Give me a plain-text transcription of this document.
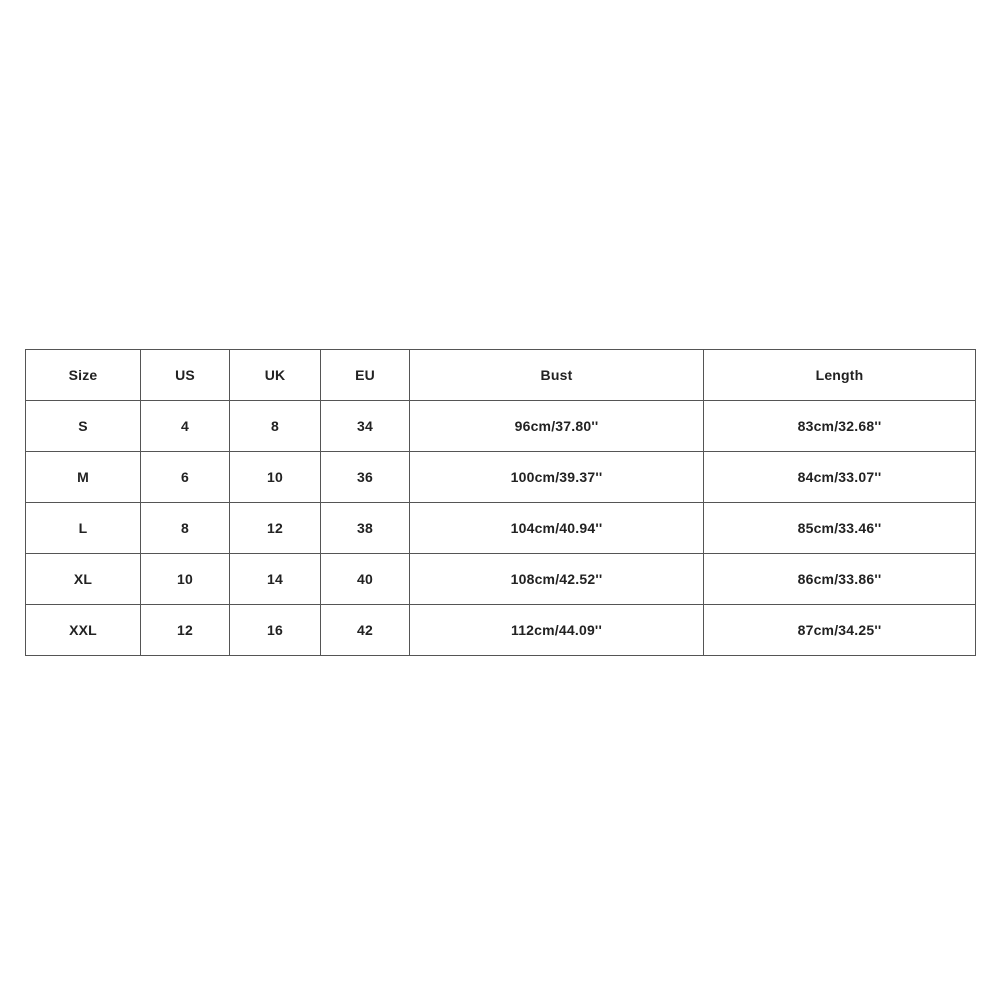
Size	US	UK	EU	Bust	Length
S	4	8	34	96cm/37.80''	83cm/32.68''
M	6	10	36	100cm/39.37''	84cm/33.07''
L	8	12	38	104cm/40.94''	85cm/33.46''
XL	10	14	40	108cm/42.52''	86cm/33.86''
XXL	12	16	42	112cm/44.09''	87cm/34.25''
